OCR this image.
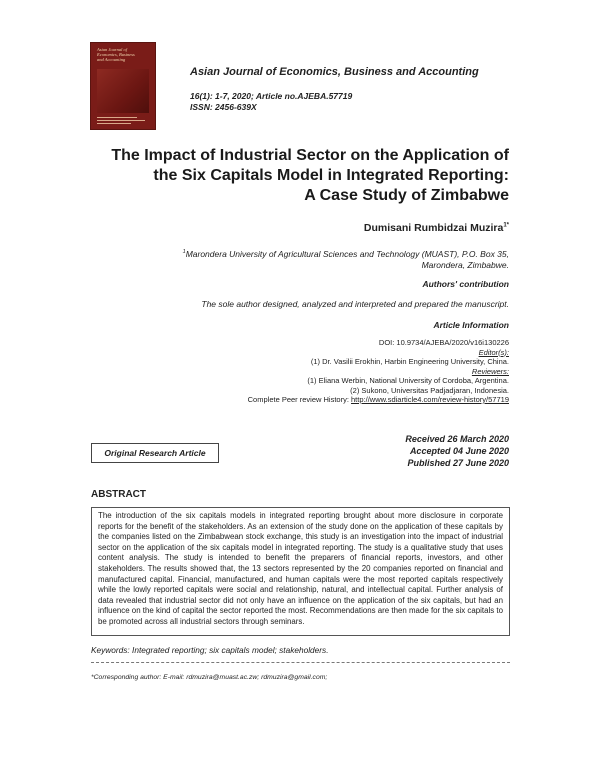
Asian Journal of
Economics, Business
and Accounting
Asian Journal of Economics, Business and Accounting
16(1): 1-7, 2020; Article no.AJEBA.57719
ISSN: 2456-639X
The Impact of Industrial Sector on the Application of
the Six Capitals Model in Integrated Reporting:
A Case Study of Zimbabwe
Dumisani Rumbidzai Muzira$^{1*}$
$^1$Marondera University of Agricultural Sciences and Technology (MUAST), P.O. Box 35,
Marondera, Zimbabwe.
Authors' contribution
The sole author designed, analyzed and interpreted and prepared the manuscript.
Article Information
DOI: 10.9734/AJEBA/2020/v16i130226
Editor(s):
(1) Dr. Vasilii Erokhin, Harbin Engineering University, China.
Reviewers:
(1) Eliana Werbin, National University of Cordoba, Argentina.
(2) Sukono, Universitas Padjadjaran, Indonesia.
Complete Peer review History: http://www.sdiarticle4.com/review-history/57719
Original Research Article
Received 26 March 2020
Accepted 04 June 2020
Published 27 June 2020
ABSTRACT
The introduction of the six capitals models in integrated reporting brought about more disclosure in corporate reports for the benefit of the stakeholders. As an extension of the study done on the application of these capitals by the companies listed on the Zimbabwean stock exchange, this study is an investigation into the impact of industrial sector on the application of the six capitals model in integrated reporting. The study is a qualitative study that uses content analysis. The study is intended to benefit the preparers of financial reports, investors, and other stakeholders. The results showed that, the 13 sectors represented by the 20 companies reported on financial and manufactured capital. Financial, manufactured, and human capitals were the most reported capitals respectively while the lowly reported capitals were social and relationship, natural, and intellectual capital. Further analysis of data revealed that industrial sector did not only have an influence on the application of the six capitals, but had an influence on the kind of capital the sector reported the most. Recommendations are then made for the six capitals to be promoted across all industrial sectors through seminars.
Keywords: Integrated reporting; six capitals model; stakeholders.
*Corresponding author: E-mail: rdmuzira@muast.ac.zw; rdmuzira@gmail.com;
